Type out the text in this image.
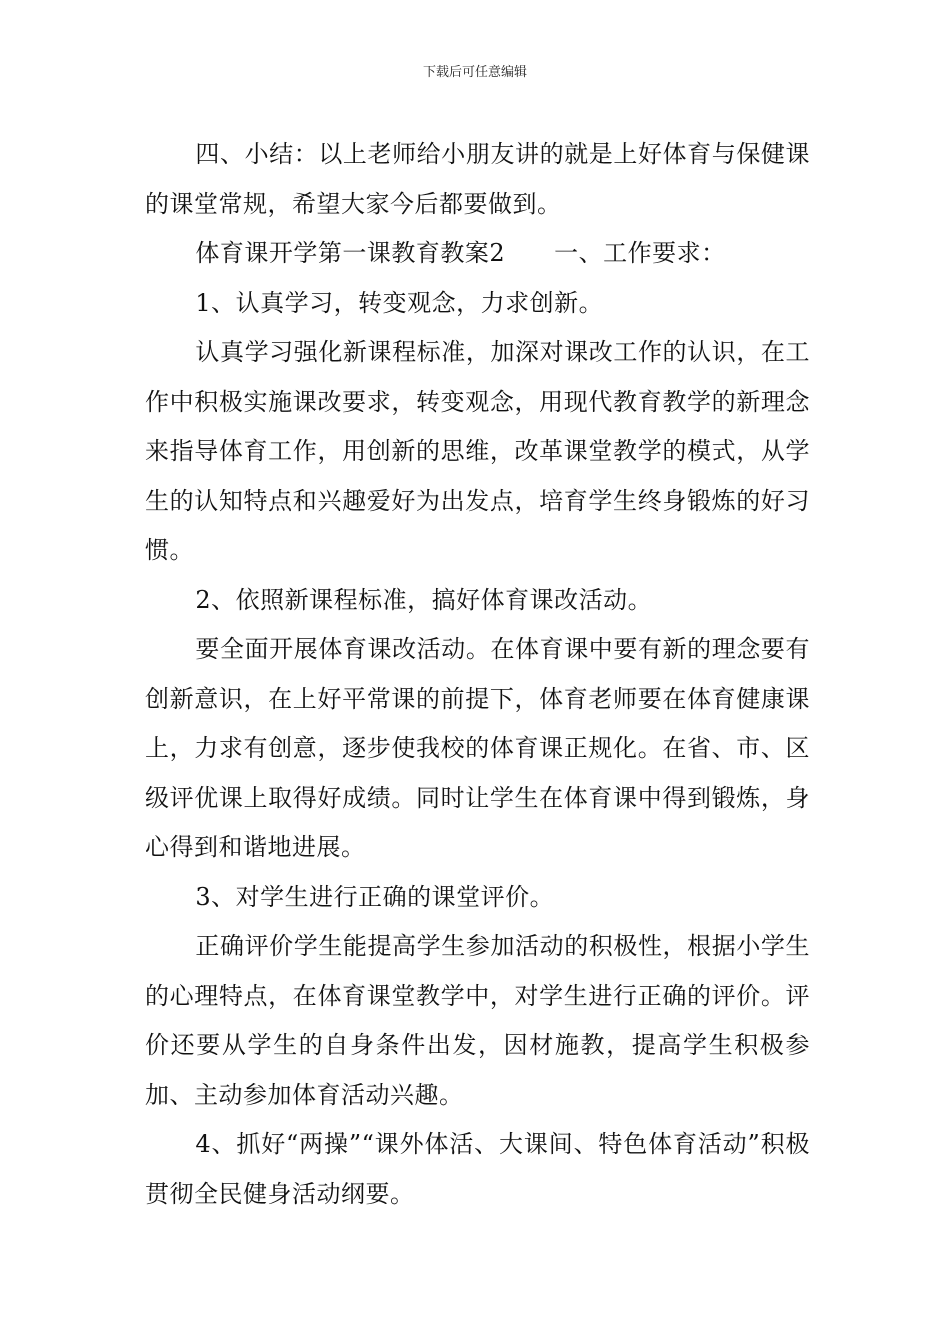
下载后可任意编辑

四、小结：以上老师给小朋友讲的就是上好体育与保健课的课堂常规，希望大家今后都要做到。

体育课开学第一课教育教案2　　一、工作要求：

1、认真学习，转变观念，力求创新。

认真学习强化新课程标准，加深对课改工作的认识，在工作中积极实施课改要求，转变观念，用现代教育教学的新理念来指导体育工作，用创新的思维，改革课堂教学的模式，从学生的认知特点和兴趣爱好为出发点，培育学生终身锻炼的好习惯。

2、依照新课程标准，搞好体育课改活动。

要全面开展体育课改活动。在体育课中要有新的理念要有创新意识，在上好平常课的前提下，体育老师要在体育健康课上，力求有创意，逐步使我校的体育课正规化。在省、市、区级评优课上取得好成绩。同时让学生在体育课中得到锻炼，身心得到和谐地进展。

3、对学生进行正确的课堂评价。

正确评价学生能提高学生参加活动的积极性，根据小学生的心理特点，在体育课堂教学中，对学生进行正确的评价。评价还要从学生的自身条件出发，因材施教，提高学生积极参加、主动参加体育活动兴趣。

4、抓好“两操”“课外体活、大课间、特色体育活动”积极贯彻全民健身活动纲要。
